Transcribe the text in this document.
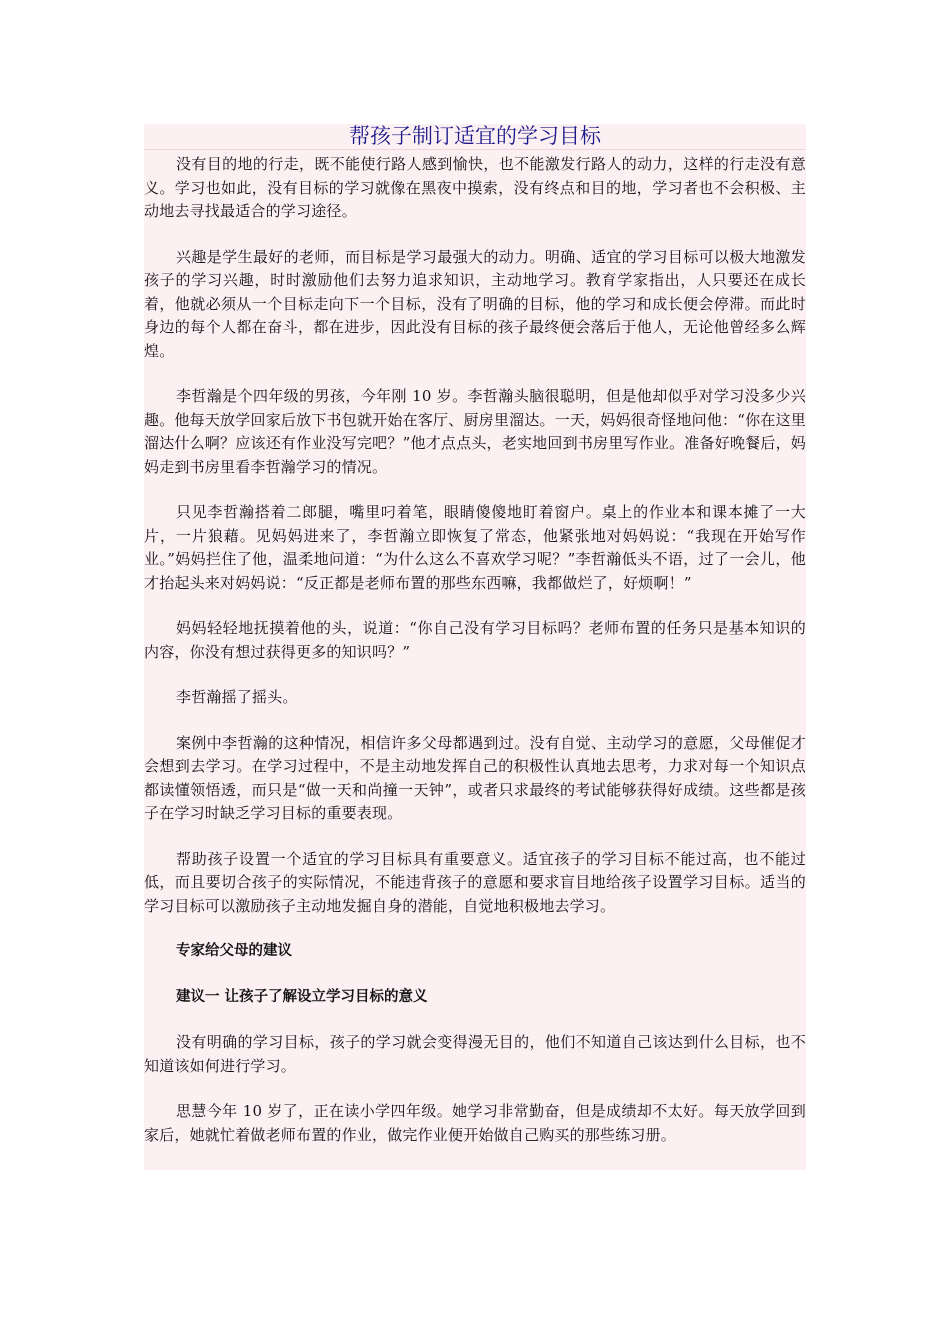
帮孩子制订适宜的学习目标

没有目的地的行走，既不能使行路人感到愉快，也不能激发行路人的动力，这样的行走没有意义。学习也如此，没有目标的学习就像在黑夜中摸索，没有终点和目的地，学习者也不会积极、主动地去寻找最适合的学习途径。

兴趣是学生最好的老师，而目标是学习最强大的动力。明确、适宜的学习目标可以极大地激发孩子的学习兴趣，时时激励他们去努力追求知识，主动地学习。教育学家指出，人只要还在成长着，他就必须从一个目标走向下一个目标，没有了明确的目标，他的学习和成长便会停滞。而此时身边的每个人都在奋斗，都在进步，因此没有目标的孩子最终便会落后于他人，无论他曾经多么辉煌。

李哲瀚是个四年级的男孩，今年刚 10 岁。李哲瀚头脑很聪明，但是他却似乎对学习没多少兴趣。他每天放学回家后放下书包就开始在客厅、厨房里溜达。一天，妈妈很奇怪地问他：“你在这里溜达什么啊？应该还有作业没写完吧？”他才点点头，老实地回到书房里写作业。准备好晚餐后，妈妈走到书房里看李哲瀚学习的情况。

只见李哲瀚搭着二郎腿，嘴里叼着笔，眼睛傻傻地盯着窗户。桌上的作业本和课本摊了一大片，一片狼藉。见妈妈进来了，李哲瀚立即恢复了常态，他紧张地对妈妈说：“我现在开始写作业。”妈妈拦住了他，温柔地问道：“为什么这么不喜欢学习呢？”李哲瀚低头不语，过了一会儿，他才抬起头来对妈妈说：“反正都是老师布置的那些东西嘛，我都做烂了，好烦啊！”

妈妈轻轻地抚摸着他的头，说道：“你自己没有学习目标吗？老师布置的任务只是基本知识的内容，你没有想过获得更多的知识吗？”

李哲瀚摇了摇头。

案例中李哲瀚的这种情况，相信许多父母都遇到过。没有自觉、主动学习的意愿，父母催促才会想到去学习。在学习过程中，不是主动地发挥自己的积极性认真地去思考，力求对每一个知识点都读懂领悟透，而只是“做一天和尚撞一天钟”，或者只求最终的考试能够获得好成绩。这些都是孩子在学习时缺乏学习目标的重要表现。

帮助孩子设置一个适宜的学习目标具有重要意义。适宜孩子的学习目标不能过高，也不能过低，而且要切合孩子的实际情况，不能违背孩子的意愿和要求盲目地给孩子设置学习目标。适当的学习目标可以激励孩子主动地发掘自身的潜能，自觉地积极地去学习。

专家给父母的建议

建议一 让孩子了解设立学习目标的意义

没有明确的学习目标，孩子的学习就会变得漫无目的，他们不知道自己该达到什么目标，也不知道该如何进行学习。

思慧今年 10 岁了，正在读小学四年级。她学习非常勤奋，但是成绩却不太好。每天放学回到家后，她就忙着做老师布置的作业，做完作业便开始做自己购买的那些练习册。
